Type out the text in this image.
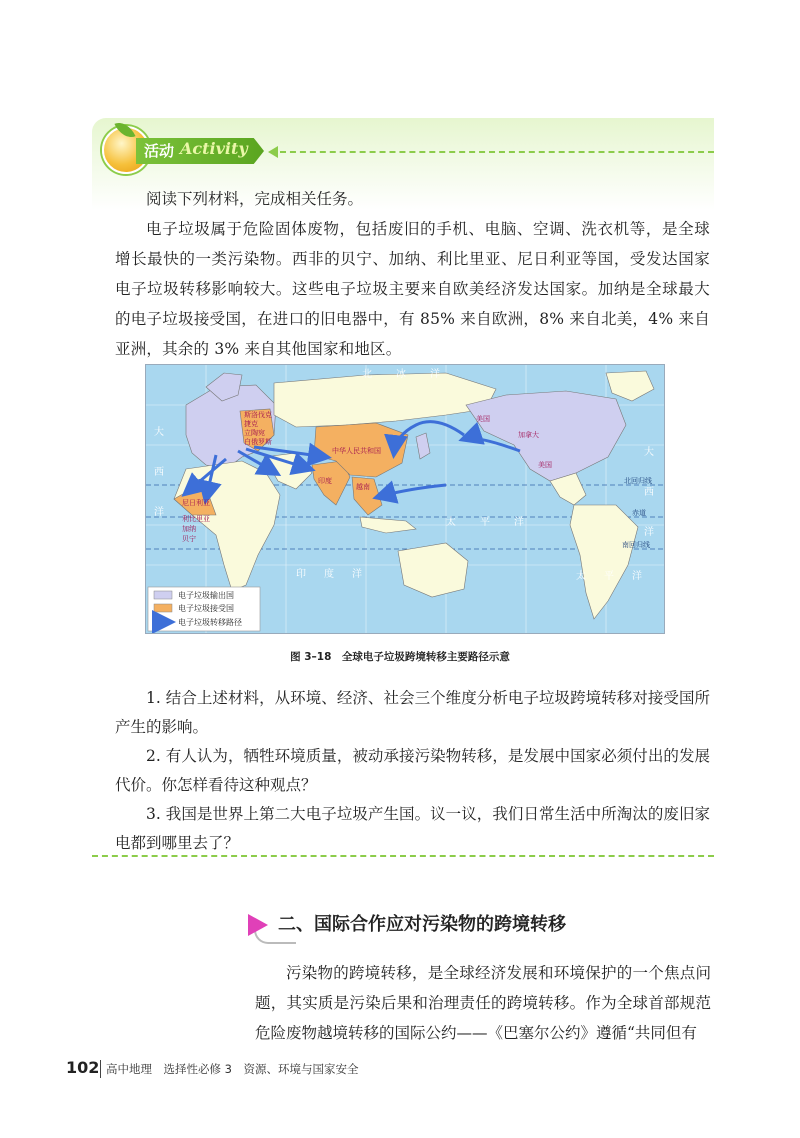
活动 Activity

阅读下列材料，完成相关任务。

电子垃圾属于危险固体废物，包括废旧的手机、电脑、空调、洗衣机等，是全球增长最快的一类污染物。西非的贝宁、加纳、利比里亚、尼日利亚等国，受发达国家电子垃圾转移影响较大。这些电子垃圾主要来自欧美经济发达国家。加纳是全球最大的电子垃圾接受国，在进口的旧电器中，有 85% 来自欧洲，8% 来自北美，4% 来自亚洲，其余的 3% 来自其他国家和地区。

北 冰 洋
大
西
洋
太 平 洋
印 度 洋
大
西
洋
太 平 洋
斯洛伐克
捷克
立陶宛
白俄罗斯
中华人民共和国
印度
越南
美国
加拿大
美国
尼日利亚
利比里亚
加纳
贝宁
北回归线
赤道
南回归线
电子垃圾输出国
电子垃圾接受国
电子垃圾转移路径
图 3–18　全球电子垃圾跨境转移主要路径示意

1. 结合上述材料，从环境、经济、社会三个维度分析电子垃圾跨境转移对接受国所产生的影响。

2. 有人认为，牺牲环境质量，被动承接污染物转移，是发展中国家必须付出的发展代价。你怎样看待这种观点？

3. 我国是世界上第二大电子垃圾产生国。议一议，我们日常生活中所淘汰的废旧家电都到哪里去了？

二、国际合作应对污染物的跨境转移

污染物的跨境转移，是全球经济发展和环境保护的一个焦点问题，其实质是污染后果和治理责任的跨境转移。作为全球首部规范危险废物越境转移的国际公约——《巴塞尔公约》遵循“共同但有

102 高中地理　选择性必修 3　资源、环境与国家安全
